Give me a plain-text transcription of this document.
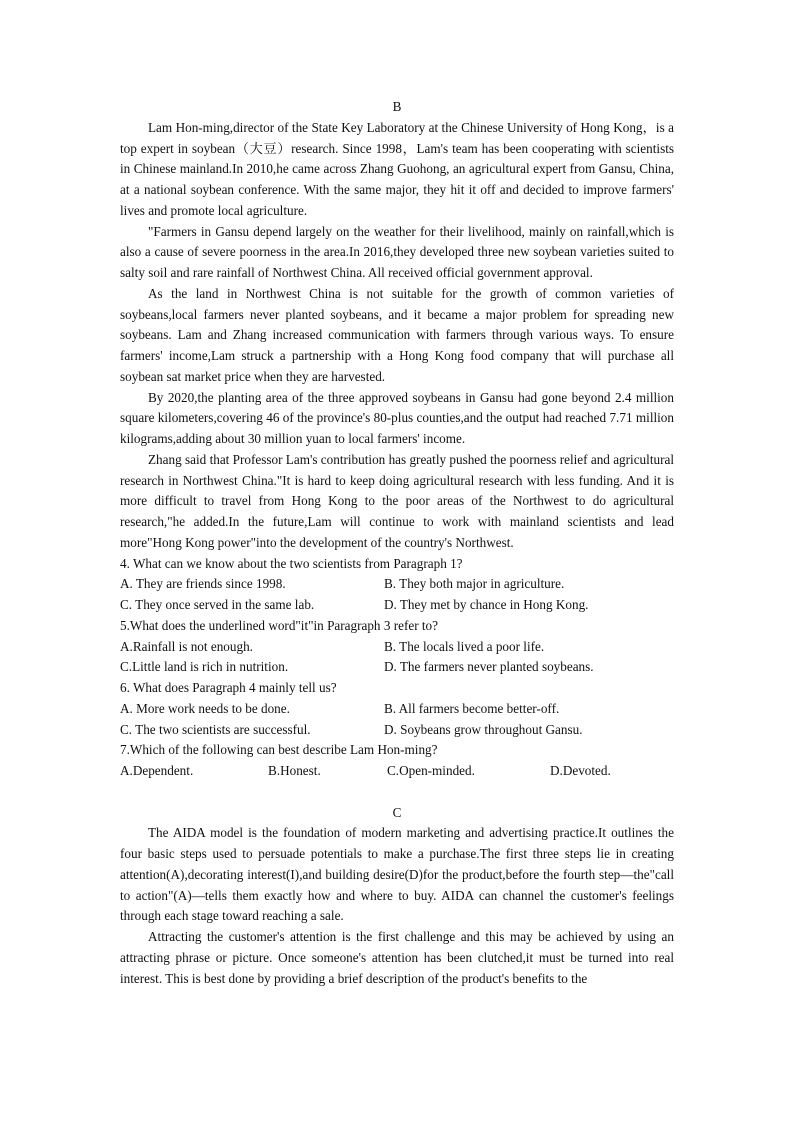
B

Lam Hon-ming,director of the State Key Laboratory at the Chinese University of Hong Kong，is a top expert in soybean（大豆）research. Since 1998，Lam's team has been cooperating with scientists in Chinese mainland.In 2010,he came across Zhang Guohong, an agricultural expert from Gansu, China, at a national soybean conference. With the same major, they hit it off and decided to improve farmers' lives and promote local agriculture.

"Farmers in Gansu depend largely on the weather for their livelihood, mainly on rainfall,which is also a cause of severe poorness in the area.In 2016,they developed three new soybean varieties suited to salty soil and rare rainfall of Northwest China. All received official government approval.

As the land in Northwest China is not suitable for the growth of common varieties of soybeans,local farmers never planted soybeans, and it became a major problem for spreading new soybeans. Lam and Zhang increased communication with farmers through various ways. To ensure farmers' income,Lam struck a partnership with a Hong Kong food company that will purchase all soybean sat market price when they are harvested.

By 2020,the planting area of the three approved soybeans in Gansu had gone beyond 2.4 million square kilometers,covering 46 of the province's 80-plus counties,and the output had reached 7.71 million kilograms,adding about 30 million yuan to local farmers' income.

Zhang said that Professor Lam's contribution has greatly pushed the poorness relief and agricultural research in Northwest China."It is hard to keep doing agricultural research with less funding. And it is more difficult to travel from Hong Kong to the poor areas of the Northwest to do agricultural research,"he added.In the future,Lam will continue to work with mainland scientists and lead more"Hong Kong power"into the development of the country's Northwest.

4. What can we know about the two scientists from Paragraph 1?

A. They are friends since 1998.	B. They both major in agriculture.
C. They once served in the same lab.	D. They met by chance in Hong Kong.

5.What does the underlined word"it"in Paragraph 3 refer to?

A.Rainfall is not enough.	B. The locals lived a poor life.
C.Little land is rich in nutrition.	D. The farmers never planted soybeans.

6. What does Paragraph 4 mainly tell us?

A. More work needs to be done.	B. All farmers become better-off.
C. The two scientists are successful.	D. Soybeans grow throughout Gansu.

7.Which of the following can best describe Lam Hon-ming?

A.Dependent.	B.Honest.	C.Open-minded.	D.Devoted.

C

The AIDA model is the foundation of modern marketing and advertising practice.It outlines the four basic steps used to persuade potentials to make a purchase.The first three steps lie in creating attention(A),decorating interest(I),and building desire(D)for the product,before the fourth step—the"call to action"(A)—tells them exactly how and where to buy. AIDA can channel the customer's feelings through each stage toward reaching a sale.

Attracting the customer's attention is the first challenge and this may be achieved by using an attracting phrase or picture. Once someone's attention has been clutched,it must be turned into real interest. This is best done by providing a brief description of the product's benefits to the
